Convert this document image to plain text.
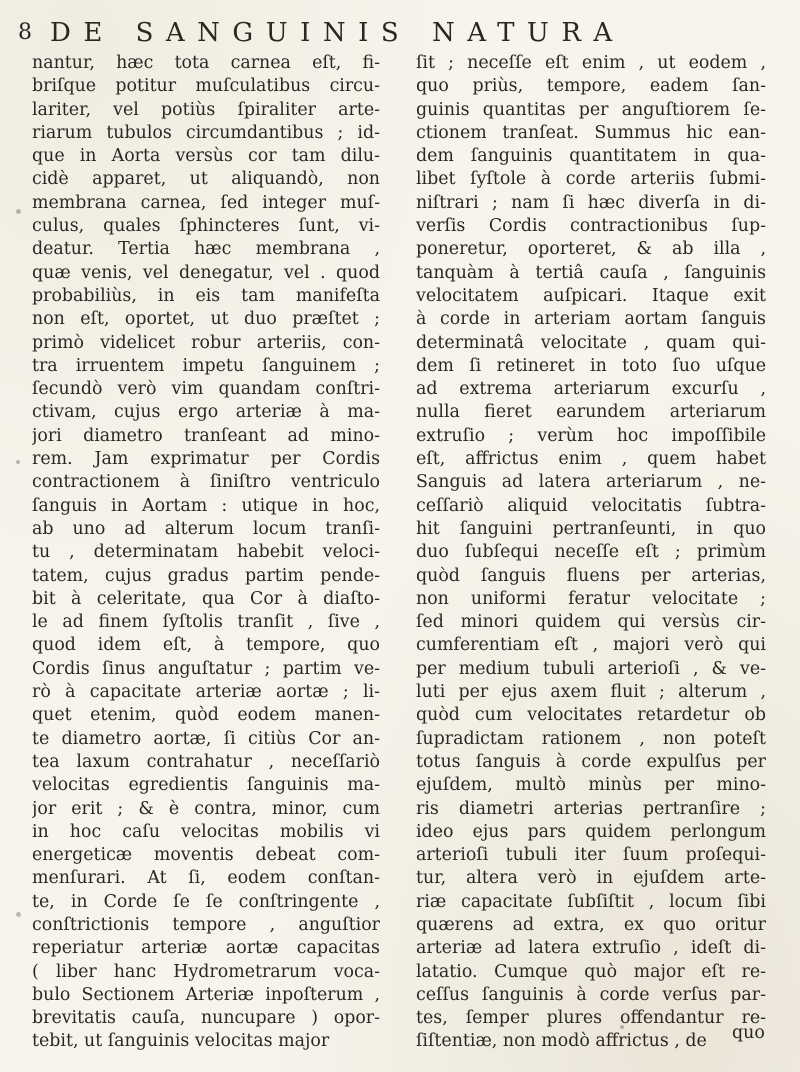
8 DE SANGUINIS NATURA
nantur, hæc tota carnea eſt, fi-
briſque potitur muſculatibus circu-
lariter, vel potiùs ſpiraliter arte-
riarum tubulos circumdantibus ; id-
que in Aorta versùs cor tam dilu-
cidè apparet, ut aliquandò, non
membrana carnea, ſed integer muſ-
culus, quales ſphincteres ſunt, vi-
deatur. Tertia hæc membrana ,
quæ venis, vel denegatur, vel . quod
probabiliùs, in eis tam manifeſta
non eſt, oportet, ut duo præſtet ;
primò videlicet robur arteriis, con-
tra irruentem impetu ſanguinem ;
ſecundò verò vim quandam conſtri-
ctivam, cujus ergo arteriæ à ma-
jori diametro tranſeant ad mino-
rem. Jam exprimatur per Cordis
contractionem à ſiniſtro ventriculo
ſanguis in Aortam : utique in hoc,
ab uno ad alterum locum tranſi-
tu , determinatam habebit veloci-
tatem, cujus gradus partim pende-
bit à celeritate, qua Cor à diaſto-
le ad finem ſyſtolis tranſit , ſive ,
quod idem eſt, à tempore, quo
Cordis ſinus anguſtatur ; partim ve-
rò à capacitate arteriæ aortæ ; li-
quet etenim, quòd eodem manen-
te diametro aortæ, ſi citiùs Cor an-
tea laxum contrahatur , neceſſariò
velocitas egredientis ſanguinis ma-
jor erit ; & è contra, minor, cum
in hoc caſu velocitas mobilis vi
energeticæ moventis debeat com-
menſurari. At ſi, eodem conſtan-
te, in Corde ſe ſe conſtringente ,
conſtrictionis tempore , anguſtior
reperiatur arteriæ aortæ capacitas
( liber hanc Hydrometrarum voca-
bulo Sectionem Arteriæ inpoſterum ,
brevitatis cauſa, nuncupare ) opor-
tebit, ut ſanguinis velocitas major
ſit ; neceſſe eſt enim , ut eodem ,
quo priùs, tempore, eadem ſan-
guinis quantitas per anguſtiorem ſe-
ctionem tranſeat. Summus hic ean-
dem ſanguinis quantitatem in qua-
libet ſyſtole à corde arteriis ſubmi-
niſtrari ; nam ſi hæc diverſa in di-
verſis Cordis contractionibus ſup-
poneretur, oporteret, & ab illa ,
tanquàm à tertiâ cauſa , ſanguinis
velocitatem auſpicari. Itaque exit
à corde in arteriam aortam ſanguis
determinatâ velocitate , quam qui-
dem ſi retineret in toto ſuo uſque
ad extrema arteriarum excurſu ,
nulla fieret earundem arteriarum
extruſio ; verùm hoc impoſſibile
eſt, affrictus enim , quem habet
Sanguis ad latera arteriarum , ne-
ceſſariò aliquid velocitatis ſubtra-
hit ſanguini pertranſeunti, in quo
duo ſubſequi neceſſe eſt ; primùm
quòd ſanguis fluens per arterias,
non uniformi feratur velocitate ;
ſed minori quidem qui versùs cir-
cumferentiam eſt , majori verò qui
per medium tubuli arterioſi , & ve-
luti per ejus axem fluit ; alterum ,
quòd cum velocitates retardetur ob
ſupradictam rationem , non poteſt
totus ſanguis à corde expulſus per
ejuſdem, multò minùs per mino-
ris diametri arterias pertranſire ;
ideo ejus pars quidem perlongum
arterioſi tubuli iter ſuum proſequi-
tur, altera verò in ejuſdem arte-
riæ capacitate ſubſiſtit , locum ſibi
quærens ad extra, ex quo oritur
arteriæ ad latera extruſio , ideſt di-
latatio. Cumque quò major eſt re-
ceſſus ſanguinis à corde verſus par-
tes, ſemper plures offendantur re-
ſiſtentiæ, non modò affrictus , de	quo
